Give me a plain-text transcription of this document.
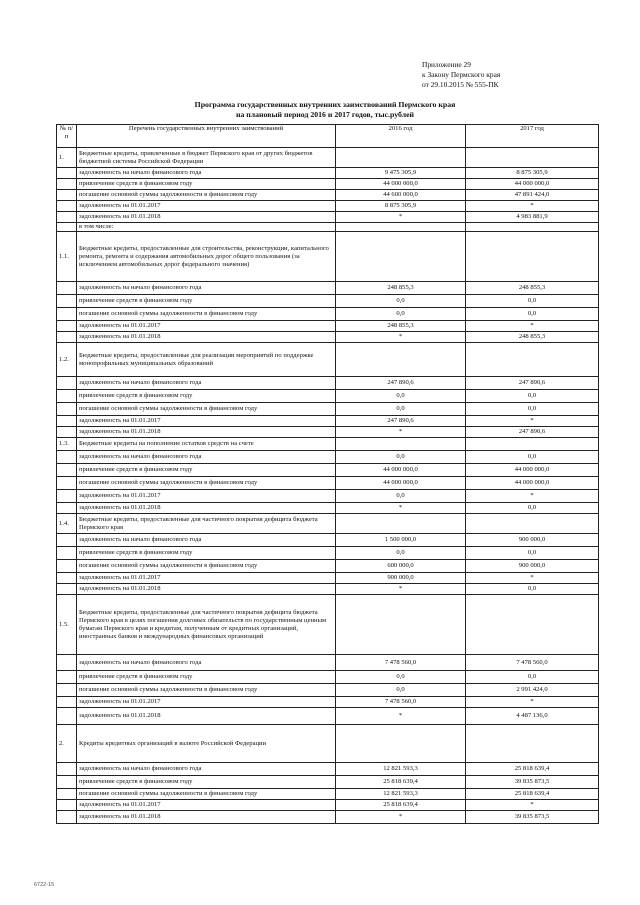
Приложение 29
к Закону Пермского края
от 29.10.2015 № 555-ПК
Программа государственных внутренних заимствований Пермского края
на плановый период 2016 и 2017 годов, тыс.рублей
№ п/п	Перечень государственных внутренних заимствований	2016 год	2017 год
1.	Бюджетные кредиты, привлеченные в бюджет Пермского края от других бюджетов бюджетной системы Российской Федерации		
	задолженность на начало финансового года	9 475 305,9	8 875 305,9
	привлечение средств в финансовом году	44 000 000,0	44 000 000,0
	погашение основной суммы задолженности в финансовом году	44 600 000,0	47 891 424,0
	задолженность на 01.01.2017	8 875 305,9	*
	задолженность на 01.01.2018	*	4 983 881,9
	в том числе:		
1.1.	Бюджетные кредиты, предоставленные для строительства, реконструкции, капитального ремонта, ремонта и содержания автомобильных дорог общего пользования (за исключением автомобильных дорог федерального значения)		
	задолженность на начало финансового года	248 855,3	248 855,3
	привлечение средств в финансовом году	0,0	0,0
	погашение основной суммы задолженности в финансовом году	0,0	0,0
	задолженность на 01.01.2017	248 855,3	*
	задолженность на 01.01.2018	*	248 855,3
1.2.	Бюджетные кредиты, предоставленные для реализации мероприятий по поддержке монопрофильных муниципальных образований		
	задолженность на начало финансового года	247 890,6	247 890,6
	привлечение средств в финансовом году	0,0	0,0
	погашение основной суммы задолженности в финансовом году	0,0	0,0
	задолженность на 01.01.2017	247 890,6	*
	задолженность на 01.01.2018	*	247 890,6
1.3.	Бюджетные кредиты на пополнение остатков средств на счете		
	задолженность на начало финансового года	0,0	0,0
	привлечение средств в финансовом году	44 000 000,0	44 000 000,0
	погашение основной суммы задолженности в финансовом году	44 000 000,0	44 000 000,0
	задолженность на 01.01.2017	0,0	*
	задолженность на 01.01.2018	*	0,0
1.4.	Бюджетные кредиты, предоставленные для частичного покрытия дефицита бюджета Пермского края		
	задолженность на начало финансового года	1 500 000,0	900 000,0
	привлечение средств в финансовом году	0,0	0,0
	погашение основной суммы задолженности в финансовом году	600 000,0	900 000,0
	задолженность на 01.01.2017	900 000,0	*
	задолженность на 01.01.2018	*	0,0
1.5.	Бюджетные кредиты, предоставленные для частичного покрытия дефицита бюджета Пермского края в целях погашения долговых обязательств по государственным ценным бумагам Пермского края и кредитам, полученным от кредитных организаций, иностранных банков и международных финансовых организаций		
	задолженность на начало финансового года	7 478 560,0	7 478 560,0
	привлечение средств в финансовом году	0,0	0,0
	погашение основной суммы задолженности в финансовом году	0,0	2 991 424,0
	задолженность на 01.01.2017	7 478 560,0	*
	задолженность на 01.01.2018	*	4 487 136,0
2.	Кредиты кредитных организаций в валюте Российской Федерации		
	задолженность на начало финансового года	12 821 593,3	25 818 639,4
	привлечение средств в финансовом году	25 818 639,4	39 835 873,5
	погашение основной суммы задолженности в финансовом году	12 821 593,3	25 818 639,4
	задолженность на 01.01.2017	25 818 639,4	*
	задолженность на 01.01.2018	*	39 835 873,5
6722-15
